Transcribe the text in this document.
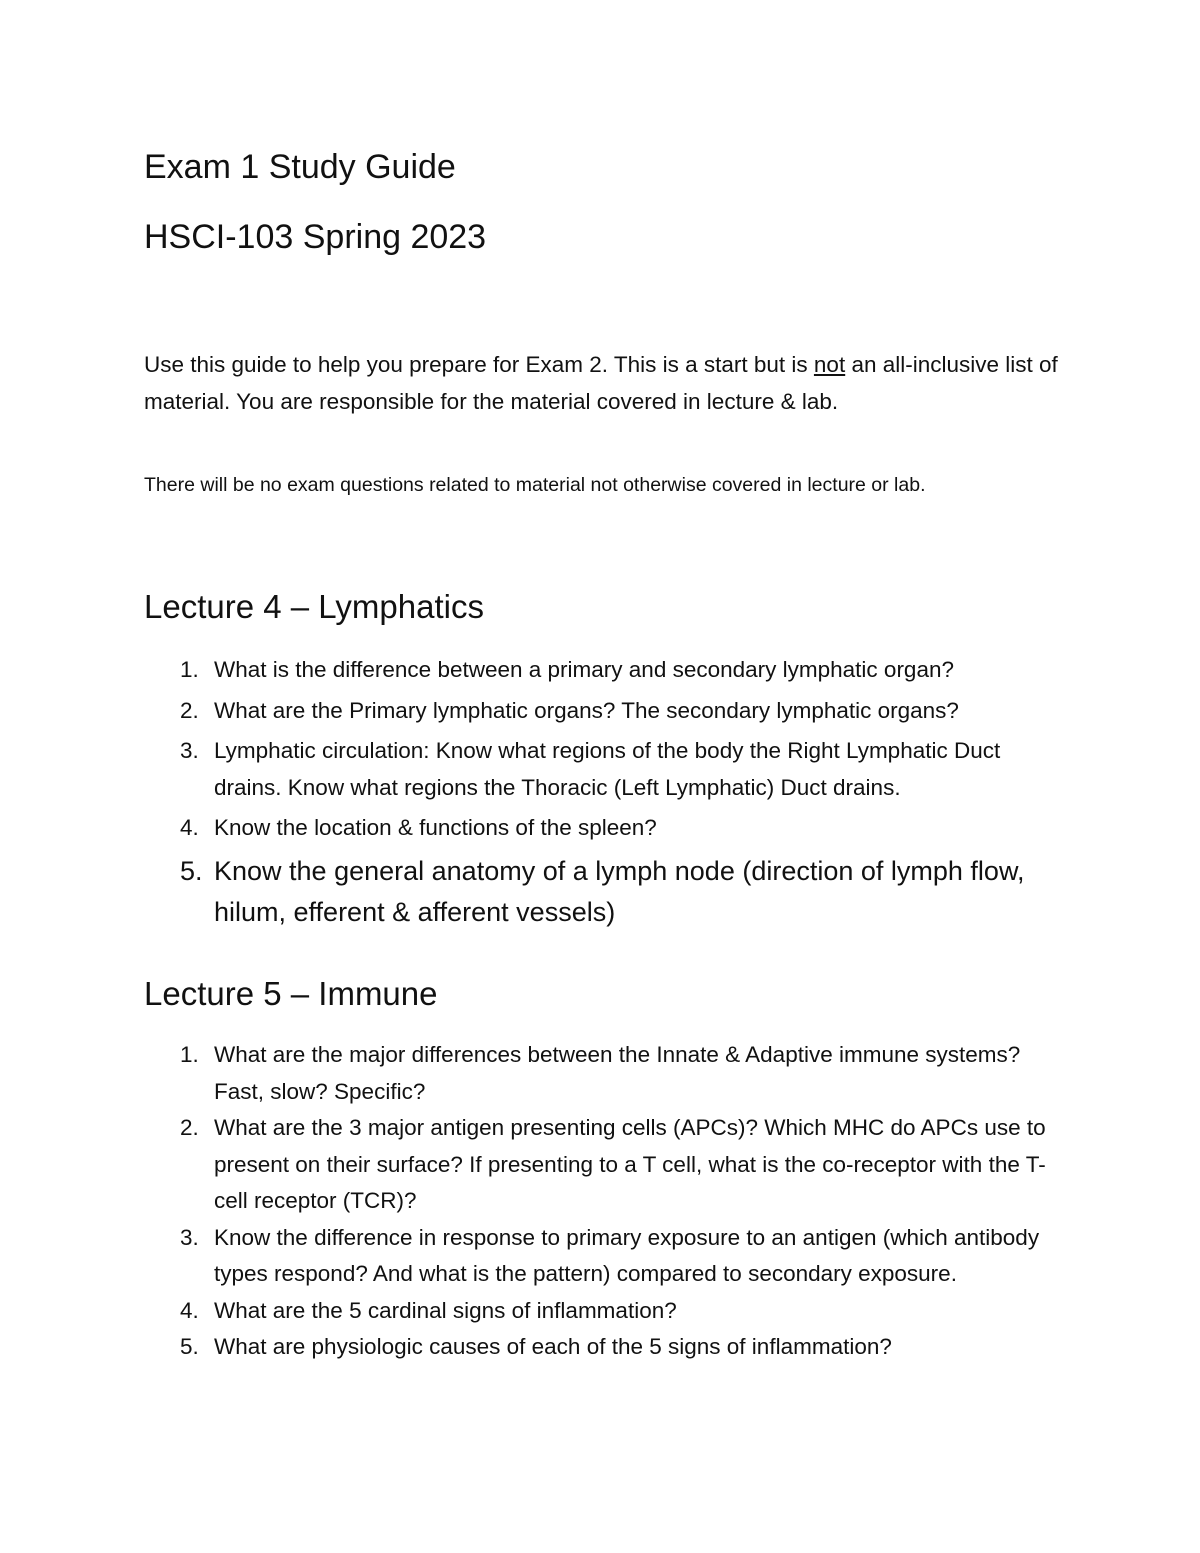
Exam 1 Study Guide
HSCI-103 Spring 2023

Use this guide to help you prepare for Exam 2. This is a start but is not an all-inclusive list of material. You are responsible for the material covered in lecture & lab.

There will be no exam questions related to material not otherwise covered in lecture or lab.

Lecture 4 – Lymphatics
1. What is the difference between a primary and secondary lymphatic organ?
2. What are the Primary lymphatic organs? The secondary lymphatic organs?
3. Lymphatic circulation: Know what regions of the body the Right Lymphatic Duct drains. Know what regions the Thoracic (Left Lymphatic) Duct drains.
4. Know the location & functions of the spleen?
5. Know the general anatomy of a lymph node (direction of lymph flow, hilum, efferent & afferent vessels)
Lecture 5 – Immune
1. What are the major differences between the Innate & Adaptive immune systems? Fast, slow? Specific?
2. What are the 3 major antigen presenting cells (APCs)? Which MHC do APCs use to present on their surface? If presenting to a T cell, what is the co-receptor with the T-cell receptor (TCR)?
3. Know the difference in response to primary exposure to an antigen (which antibody types respond? And what is the pattern) compared to secondary exposure.
4. What are the 5 cardinal signs of inflammation?
5. What are physiologic causes of each of the 5 signs of inflammation?
